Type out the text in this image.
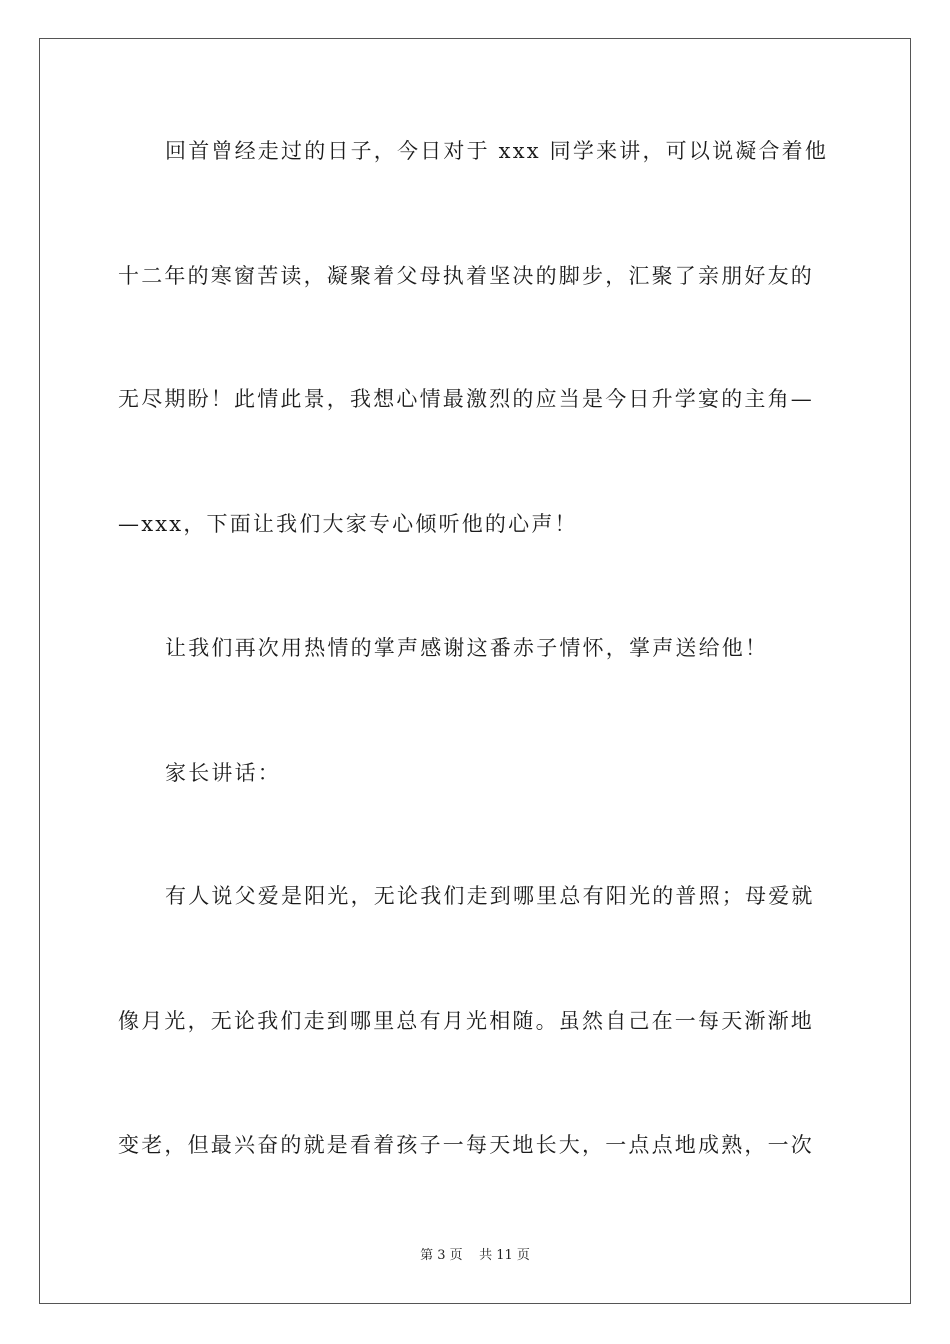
回首曾经走过的日子，今日对于 xxx 同学来讲，可以说凝合着他
十二年的寒窗苦读，凝聚着父母执着坚决的脚步，汇聚了亲朋好友的
无尽期盼！此情此景，我想心情最激烈的应当是今日升学宴的主角—
—xxx，下面让我们大家专心倾听他的心声！
让我们再次用热情的掌声感谢这番赤子情怀，掌声送给他！
家长讲话：
有人说父爱是阳光，无论我们走到哪里总有阳光的普照；母爱就
像月光，无论我们走到哪里总有月光相随。虽然自己在一每天渐渐地
变老，但最兴奋的就是看着孩子一每天地长大，一点点地成熟，一次
第 3 页    共 11 页
